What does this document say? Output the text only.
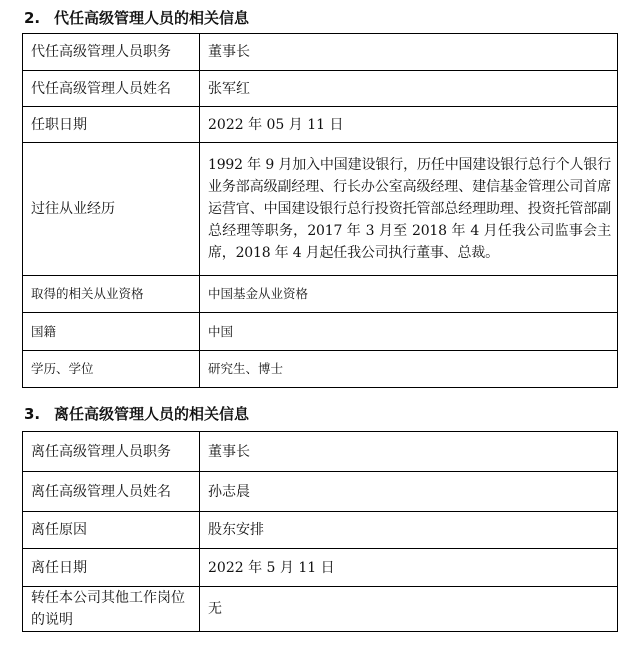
2. 代任高级管理人员的相关信息
代任高级管理人员职务	董事长
代任高级管理人员姓名	张军红
任职日期	2022 年 05 月 11 日
过往从业经历	1992 年 9 月加入中国建设银行，历任中国建设银行总行个人银行业务部高级副经理、行长办公室高级经理、建信基金管理公司首席运营官、中国建设银行总行投资托管部总经理助理、投资托管部副总经理等职务，2017 年 3 月至 2018 年 4 月任我公司监事会主席，2018 年 4 月起任我公司执行董事、总裁。
取得的相关从业资格	中国基金从业资格
国籍	中国
学历、学位	研究生、博士
3. 离任高级管理人员的相关信息
离任高级管理人员职务	董事长
离任高级管理人员姓名	孙志晨
离任原因	股东安排
离任日期	2022 年 5 月 11 日
转任本公司其他工作岗位的说明	无
